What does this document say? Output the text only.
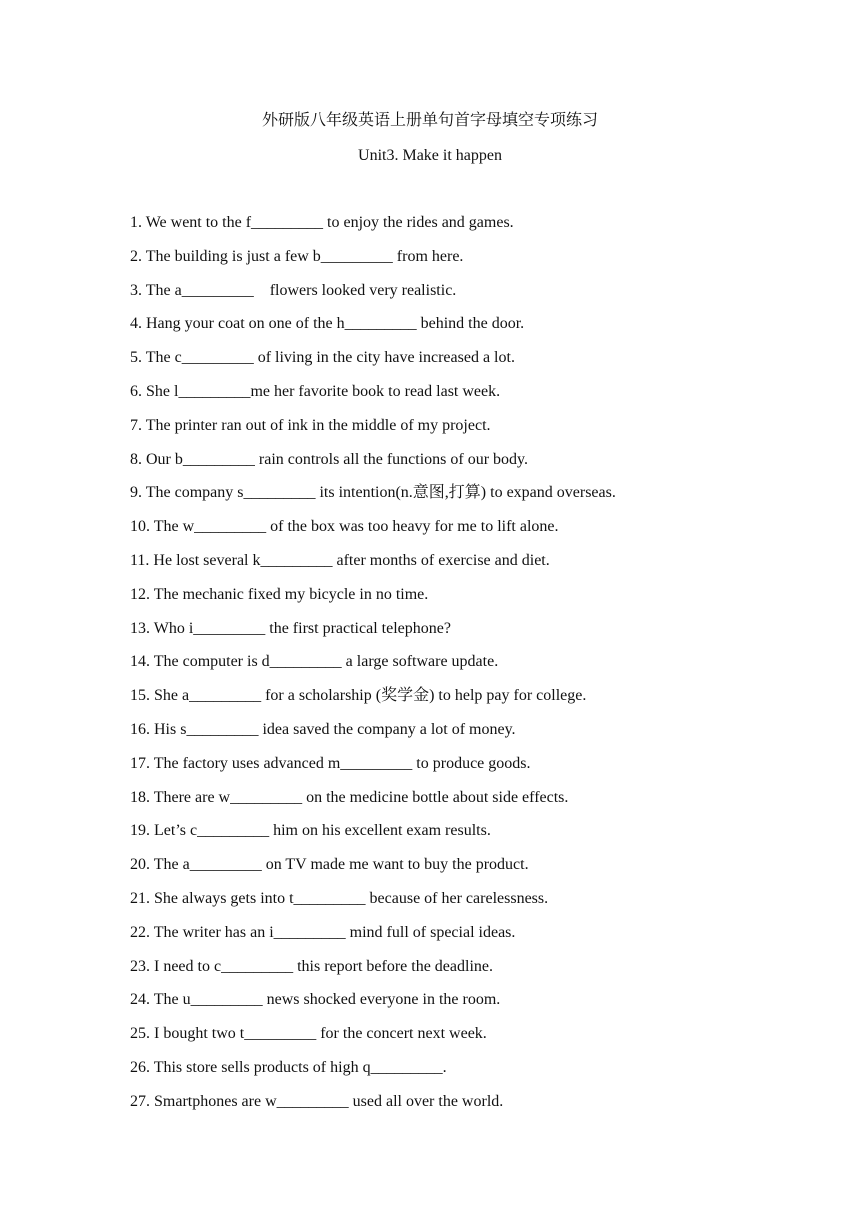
外研版八年级英语上册单句首字母填空专项练习
Unit3. Make it happen
1. We went to the f_________ to enjoy the rides and games.
2. The building is just a few b_________ from here.
3. The a_________    flowers looked very realistic.
4. Hang your coat on one of the h_________ behind the door.
5. The c_________ of living in the city have increased a lot.
6. She l_________me her favorite book to read last week.
7. The printer ran out of ink in the middle of my project.
8. Our b_________ rain controls all the functions of our body.
9. The company s_________ its intention(n.意图,打算) to expand overseas.
10. The w_________ of the box was too heavy for me to lift alone.
11. He lost several k_________ after months of exercise and diet.
12. The mechanic fixed my bicycle in no time.
13. Who i_________ the first practical telephone?
14. The computer is d_________ a large software update.
15. She a_________ for a scholarship (奖学金) to help pay for college.
16. His s_________ idea saved the company a lot of money.
17. The factory uses advanced m_________ to produce goods.
18. There are w_________ on the medicine bottle about side effects.
19. Let’s c_________ him on his excellent exam results.
20. The a_________ on TV made me want to buy the product.
21. She always gets into t_________ because of her carelessness.
22. The writer has an i_________ mind full of special ideas.
23. I need to c_________ this report before the deadline.
24. The u_________ news shocked everyone in the room.
25. I bought two t_________ for the concert next week.
26. This store sells products of high q_________.
27. Smartphones are w_________ used all over the world.
